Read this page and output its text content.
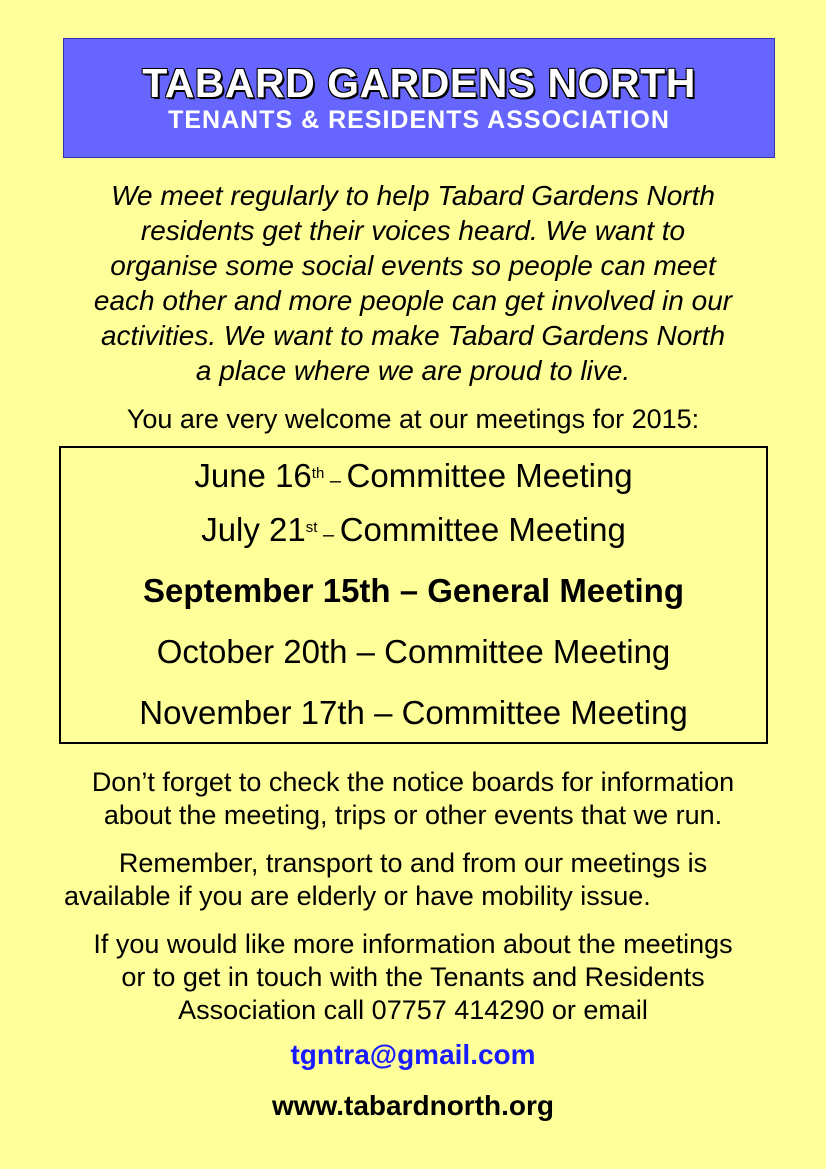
TABARD GARDENS NORTH
TENANTS & RESIDENTS ASSOCIATION
We meet regularly to help Tabard Gardens North
residents get their voices heard. We want to
organise some social events so people can meet
each other and more people can get involved in our
activities. We want to make Tabard Gardens North
a place where we are proud to live.
You are very welcome at our meetings for 2015:
June 16th – Committee Meeting
July 21st – Committee Meeting
September 15th – General Meeting
October 20th – Committee Meeting
November 17th – Committee Meeting
Don’t forget to check the notice boards for information
about the meeting, trips or other events that we run.
Remember, transport to and from our meetings is
available if you are elderly or have mobility issue.
If you would like more information about the meetings
or to get in touch with the Tenants and Residents
Association call 07757 414290 or email
tgntra@gmail.com
www.tabardnorth.org
